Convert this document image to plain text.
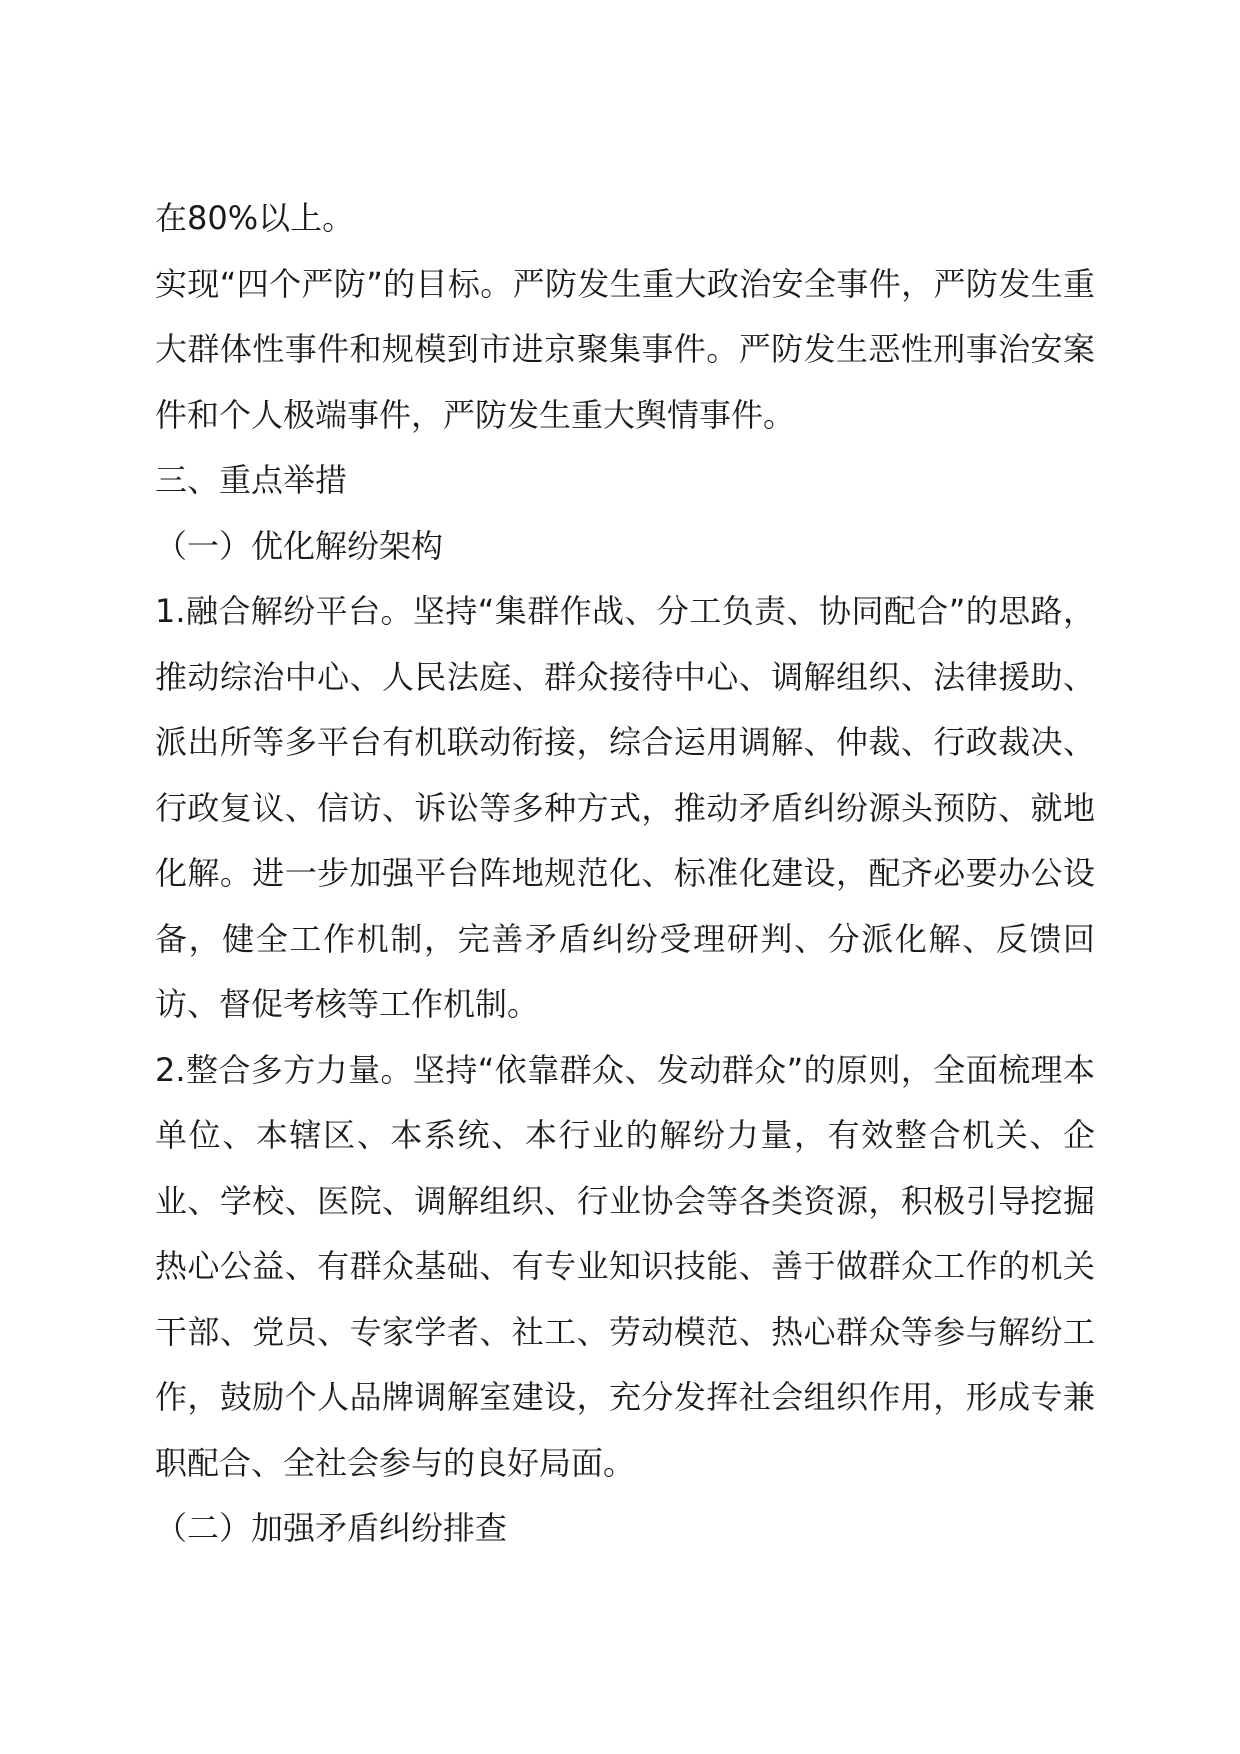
在80%以上。

实现“四个严防”的目标。严防发生重大政治安全事件，严防发生重大群体性事件和规模到市进京聚集事件。严防发生恶性刑事治安案件和个人极端事件，严防发生重大舆情事件。

三、重点举措

（一）优化解纷架构

1.融合解纷平台。坚持“集群作战、分工负责、协同配合”的思路，推动综治中心、人民法庭、群众接待中心、调解组织、法律援助、派出所等多平台有机联动衔接，综合运用调解、仲裁、行政裁决、行政复议、信访、诉讼等多种方式，推动矛盾纠纷源头预防、就地化解。进一步加强平台阵地规范化、标准化建设，配齐必要办公设备，健全工作机制，完善矛盾纠纷受理研判、分派化解、反馈回访、督促考核等工作机制。

2.整合多方力量。坚持“依靠群众、发动群众”的原则，全面梳理本单位、本辖区、本系统、本行业的解纷力量，有效整合机关、企业、学校、医院、调解组织、行业协会等各类资源，积极引导挖掘热心公益、有群众基础、有专业知识技能、善于做群众工作的机关干部、党员、专家学者、社工、劳动模范、热心群众等参与解纷工作，鼓励个人品牌调解室建设，充分发挥社会组织作用，形成专兼职配合、全社会参与的良好局面。

（二）加强矛盾纠纷排查
